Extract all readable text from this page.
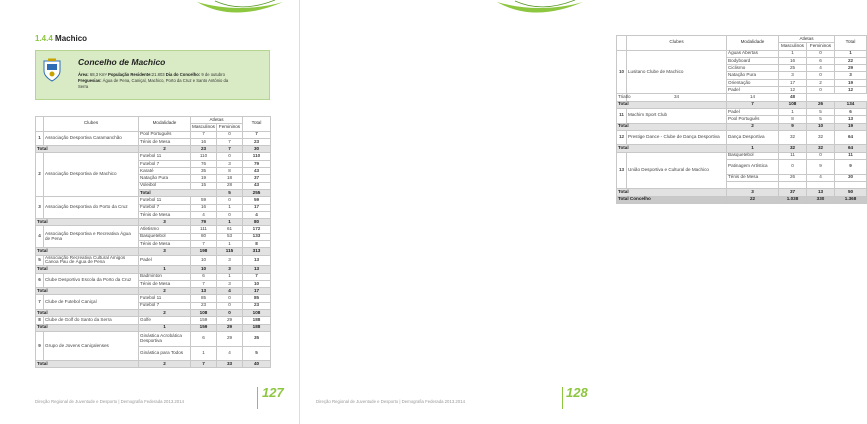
1.4.4 Machico
Concelho de Machico
Área: 68,3 Km² População Residente:21.803 Dia do Concelho: 9 de outubro
Freguesias: Água de Pena, Caniçal, Machico, Porto da Cruz e Santo António da
Serra
	Clubes	Modalidade	Atletas		Total	
			Masculinos	Femininos		
1	Associação Desportiva Caramanchão	Pool Português	7	0	7	
		Ténis de Mesa	16	7	23	
Total		2	23	7	30	
2	Associação Desportiva de Machico	Futebol 11	110	0	110	
		Futebol 7	76	3	79	
		Karaté	35	8	43	
		Natação Pura	19	18	37	
		Voleibol	15	28	43	
		Total		5	255		
3	Associação Desportiva do Porto da Cruz	Futebol 11	59	0	59	
		Futebol 7	16	1	17	
		Ténis de Mesa	4	0	4	
Total		3	79	1	80	
4	Associação Desportiva e Recreativa Água de Pena	Atletismo	111	61	172	
		Basquetebol	80	53	133	
		Ténis de Mesa	7	1	8	
Total		3	198	115	313	
5	Associação Recreativa Cultural Amigos Canoa Pau de Água de Pena	Padel	10	3	13	
Total		1	10	3	13	
6	Clube Desportivo Escola da Porto da Cruz	Badminton	6	1	7	
		Ténis de Mesa	7	3	10	
Total		2	13	4	17	
7	Clube de Futebol Caniçal	Futebol 11	85	0	85	
		Futebol 7	23	0	23	
Total		2	108	0	108	
8	Clube de Golf do Santo da Serra	Golfe	159	29	188	
Total		1	159	29	188	
9	Grupo de Jovens Caniçalenses	Ginástica Acrobática Desportiva	6	29	35	
		Ginástica para Todos	1	4	5	
Total		2	7	33	40	
Direção Regional de Juventude e Desporto | Demografia Federada 2013.2014
127
	Clubes	Modalidade	Atletas		Total
			Masculinos	Femininos	
10	Lusitano Clube de Machico	Águas Abertas	1	0	1
		Bodyboard	16	6	22
		Ciclismo	25	4	29
		Natação Pura	3	0	3
		Orientação	17	2	19
		Padel	12	0	12
Triatlo	34	14	48		
Total		7	108	26	134
11	Machim Sport Club	Padel	1	5	6
		Pool Português	8	5	13
Total		2	9	10	19
12	Prestige Dance - Clube de Dança Desportiva	Dança Desportiva	32	32	64
Total		1	32	32	64
13	União Desportiva e Cultural de Machico	Basquetebol	11	0	11
		Patinagem Artística	0	9	9
		Ténis de Mesa	26	4	30

Total		3	37	13	50
Total Concelho		22	1.038	330	1.368
Direção Regional de Juventude e Desporto | Demografia Federada 2013.2014
128
